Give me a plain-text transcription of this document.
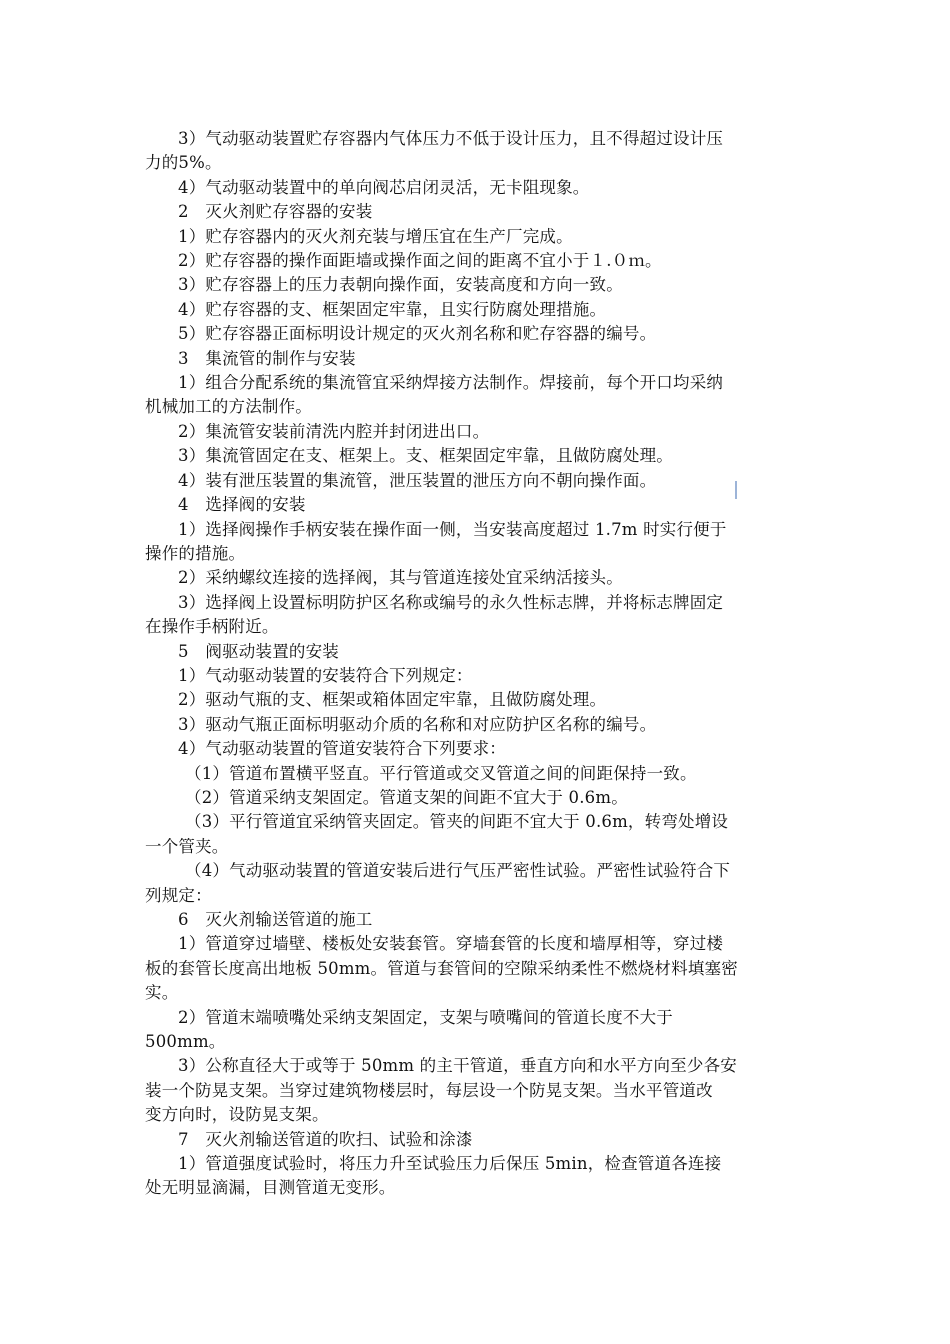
3）气动驱动装置贮存容器内气体压力不低于设计压力，且不得超过设计压
力的5%。
4）气动驱动装置中的单向阀芯启闭灵活，无卡阻现象。
2　灭火剂贮存容器的安装
1）贮存容器内的灭火剂充装与增压宜在生产厂完成。
2）贮存容器的操作面距墙或操作面之间的距离不宜小于１.０ｍ。
3）贮存容器上的压力表朝向操作面，安装高度和方向一致。
4）贮存容器的支、框架固定牢靠，且实行防腐处理措施。
5）贮存容器正面标明设计规定的灭火剂名称和贮存容器的编号。
3　集流管的制作与安装
1）组合分配系统的集流管宜采纳焊接方法制作。焊接前，每个开口均采纳
机械加工的方法制作。
2）集流管安装前清洗内腔并封闭进出口。
3）集流管固定在支、框架上。支、框架固定牢靠，且做防腐处理。
4）装有泄压装置的集流管，泄压装置的泄压方向不朝向操作面。
4　选择阀的安装
1）选择阀操作手柄安装在操作面一侧，当安装高度超过 1.7m 时实行便于
操作的措施。
2）采纳螺纹连接的选择阀，其与管道连接处宜采纳活接头。
3）选择阀上设置标明防护区名称或编号的永久性标志牌，并将标志牌固定
在操作手柄附近。
5　阀驱动装置的安装
1）气动驱动装置的安装符合下列规定：
2）驱动气瓶的支、框架或箱体固定牢靠，且做防腐处理。
3）驱动气瓶正面标明驱动介质的名称和对应防护区名称的编号。
4）气动驱动装置的管道安装符合下列要求：
（1）管道布置横平竖直。平行管道或交叉管道之间的间距保持一致。
（2）管道采纳支架固定。管道支架的间距不宜大于 0.6m。
（3）平行管道宜采纳管夹固定。管夹的间距不宜大于 0.6m，转弯处增设
一个管夹。
（4）气动驱动装置的管道安装后进行气压严密性试验。严密性试验符合下
列规定：
6　灭火剂输送管道的施工
1）管道穿过墙壁、楼板处安装套管。穿墙套管的长度和墙厚相等，穿过楼
板的套管长度高出地板 50mm。管道与套管间的空隙采纳柔性不燃烧材料填塞密
实。
2）管道末端喷嘴处采纳支架固定，支架与喷嘴间的管道长度不大于
500mm。
3）公称直径大于或等于 50mm 的主干管道，垂直方向和水平方向至少各安
装一个防晃支架。当穿过建筑物楼层时，每层设一个防晃支架。当水平管道改
变方向时，设防晃支架。
7　灭火剂输送管道的吹扫、试验和涂漆
1）管道强度试验时，将压力升至试验压力后保压 5min，检查管道各连接
处无明显滴漏，目测管道无变形。
